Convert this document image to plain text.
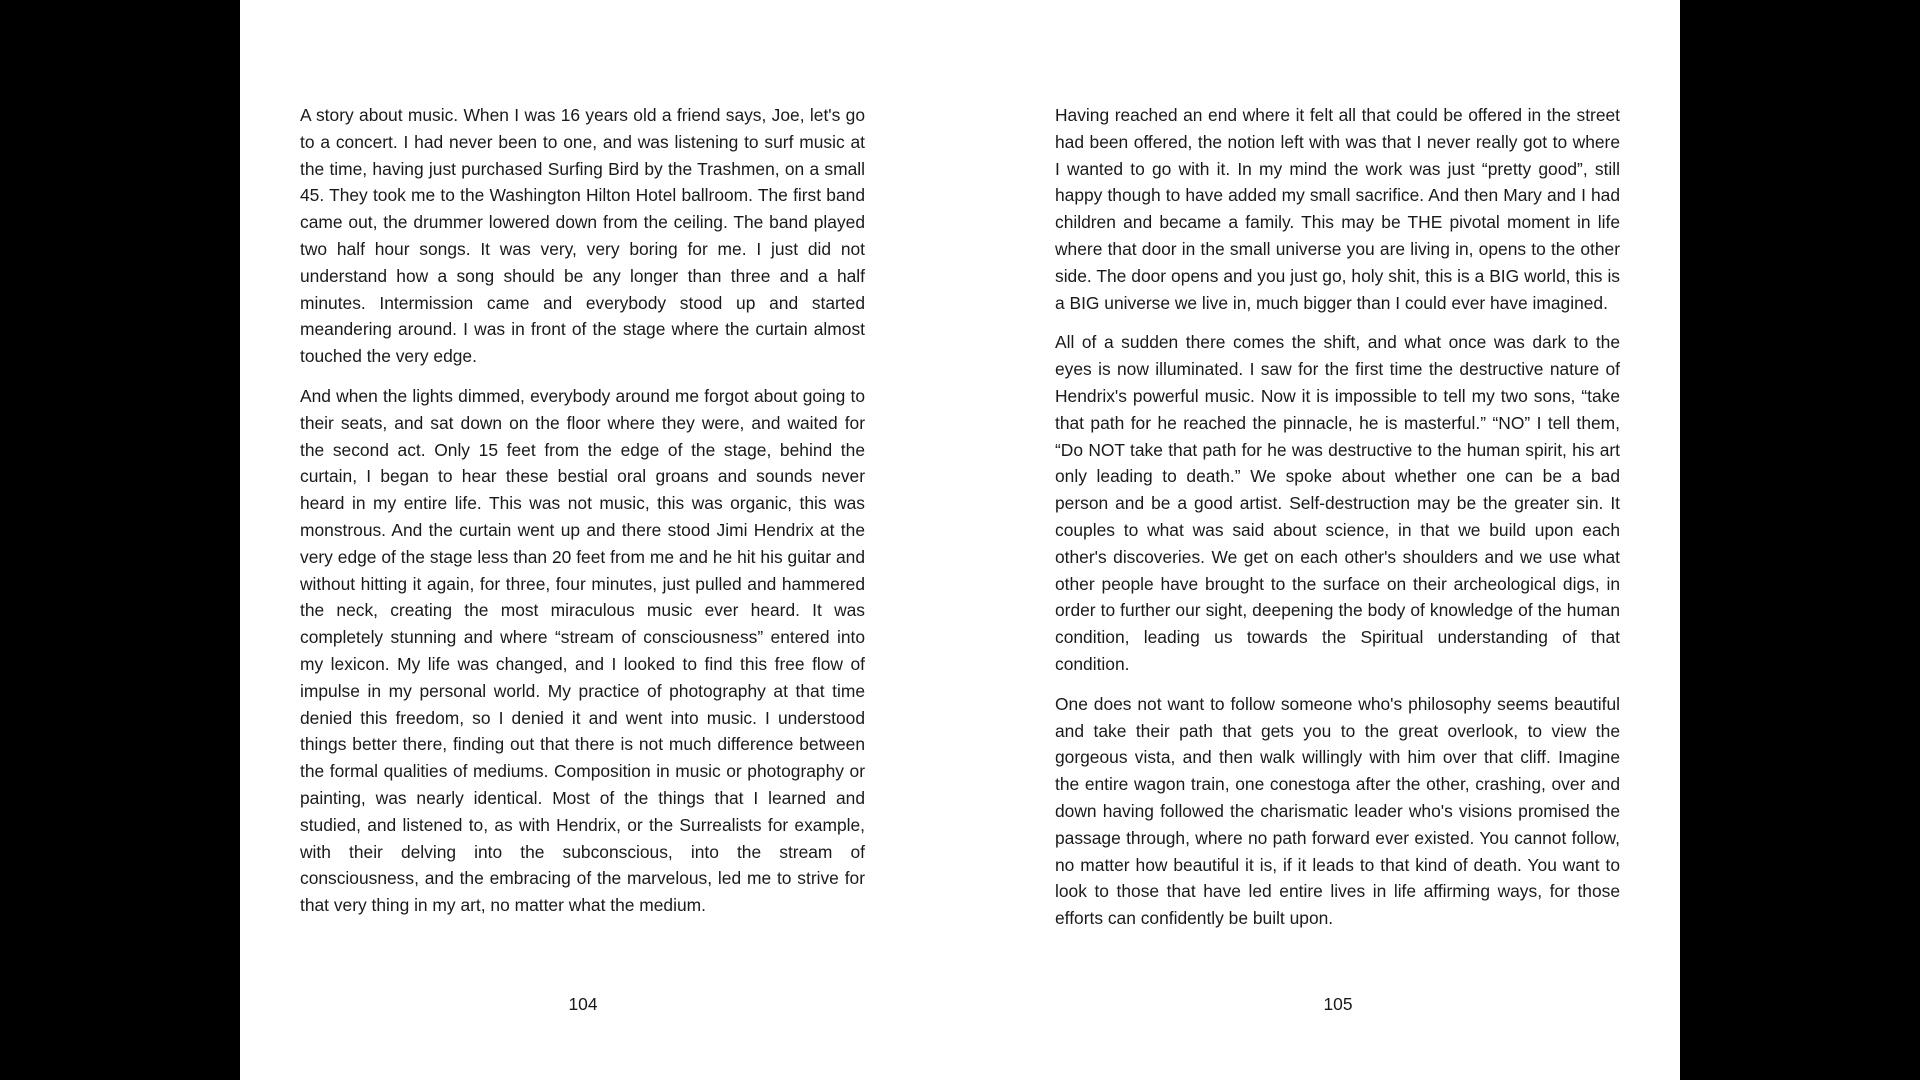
A story about music. When I was 16 years old a friend says, Joe, let's go to a concert. I had never been to one, and was listening to surf music at the time, having just purchased Surfing Bird by the Trashmen, on a small 45. They took me to the Washington Hilton Hotel ballroom. The first band came out, the drummer lowered down from the ceiling. The band played two half hour songs. It was very, very boring for me. I just did not understand how a song should be any longer than three and a half minutes. Intermission came and everybody stood up and started meandering around. I was in front of the stage where the curtain almost touched the very edge.

And when the lights dimmed, everybody around me forgot about going to their seats, and sat down on the floor where they were, and waited for the second act. Only 15 feet from the edge of the stage, behind the curtain, I began to hear these bestial oral groans and sounds never heard in my entire life. This was not music, this was organic, this was monstrous. And the curtain went up and there stood Jimi Hendrix at the very edge of the stage less than 20 feet from me and he hit his guitar and without hitting it again, for three, four minutes, just pulled and hammered the neck, creating the most miraculous music ever heard. It was completely stunning and where “stream of consciousness” entered into my lexicon. My life was changed, and I looked to find this free flow of impulse in my personal world. My practice of photography at that time denied this freedom, so I denied it and went into music. I understood things better there, finding out that there is not much difference between the formal qualities of mediums. Composition in music or photography or painting, was nearly identical. Most of the things that I learned and studied, and listened to, as with Hendrix, or the Surrealists for example, with their delving into the subconscious, into the stream of consciousness, and the embracing of the marvelous, led me to strive for that very thing in my art, no matter what the medium.

Having reached an end where it felt all that could be offered in the street had been offered, the notion left with was that I never really got to where I wanted to go with it. In my mind the work was just “pretty good”, still happy though to have added my small sacrifice. And then Mary and I had children and became a family. This may be THE pivotal moment in life where that door in the small universe you are living in, opens to the other side. The door opens and you just go, holy shit, this is a BIG world, this is a BIG universe we live in, much bigger than I could ever have imagined.

All of a sudden there comes the shift, and what once was dark to the eyes is now illuminated. I saw for the first time the destructive nature of Hendrix's powerful music. Now it is impossible to tell my two sons, “take that path for he reached the pinnacle, he is masterful.” “NO” I tell them, “Do NOT take that path for he was destructive to the human spirit, his art only leading to death.” We spoke about whether one can be a bad person and be a good artist. Self-destruction may be the greater sin. It couples to what was said about science, in that we build upon each other's discoveries. We get on each other's shoulders and we use what other people have brought to the surface on their archeological digs, in order to further our sight, deepening the body of knowledge of the human condition, leading us towards the Spiritual understanding of that condition.

One does not want to follow someone who's philosophy seems beautiful and take their path that gets you to the great overlook, to view the gorgeous vista, and then walk willingly with him over that cliff. Imagine the entire wagon train, one conestoga after the other, crashing, over and down having followed the charismatic leader who's visions promised the passage through, where no path forward ever existed. You cannot follow, no matter how beautiful it is, if it leads to that kind of death. You want to look to those that have led entire lives in life affirming ways, for those efforts can confidently be built upon.

104	105
